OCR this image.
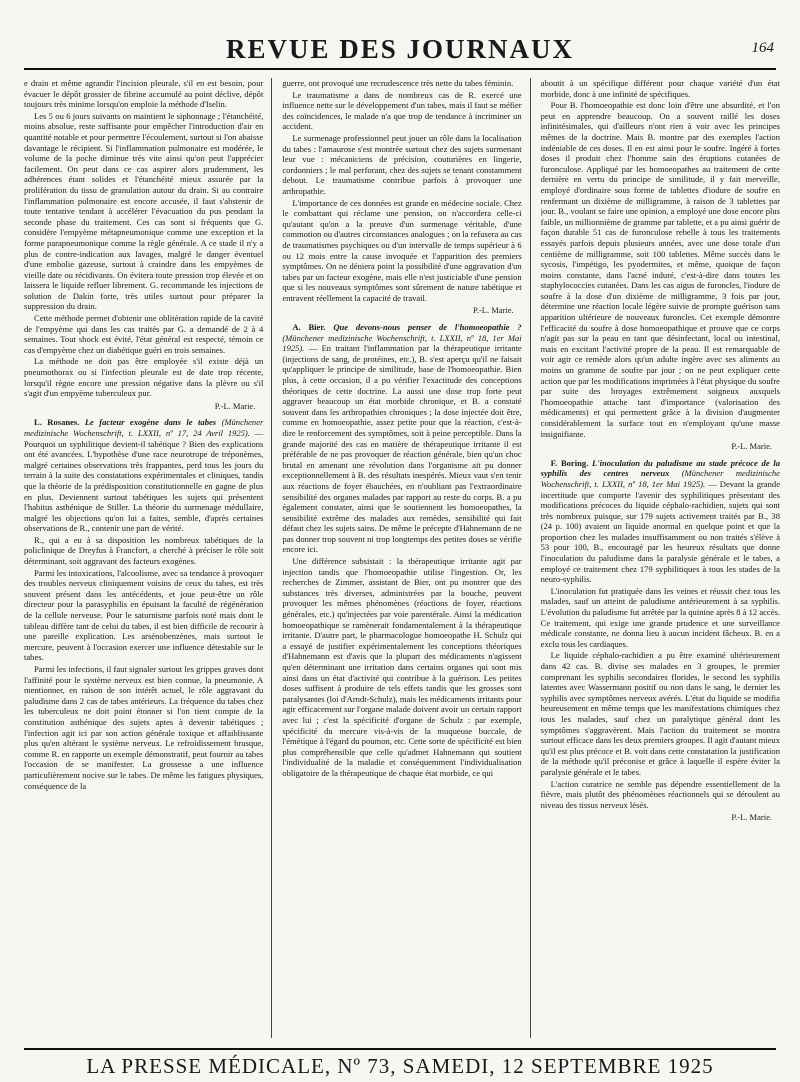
REVUE DES JOURNAUX	164

e drain et même agrandir l'incision pleurale, s'il en est besoin, pour évacuer le dépôt grossier de fibrine accumulé au point déclive, dépôt toujours très minime lorsqu'on emploie la méthode d'Iselin.

Les 5 ou 6 jours suivants on maintient le siphonnage ; l'étanchéité, moins absolue, reste suffisante pour empêcher l'introduction d'air en quantité notable et pour permettre l'écoulement, surtout si l'on abaisse davantage le récipient. Si l'inflammation pulmonaire est modérée, le volume de la poche diminue très vite ainsi qu'on peut l'apprécier facilement. On peut dans ce cas aspirer alors prudemment, les adhérences étant solides et l'étanchéité mieux assurée par la prolifération du tissu de granulation autour du drain. Si au contraire l'inflammation pulmonaire est encore accusée, il faut s'abstenir de toute tentative tendant à accélérer l'évacuation du pus pendant la seconde phase du traitement. Ces cas sont si fréquents que G. considère l'empyème métapneumonique comme une exception et la forme parapneumonique comme la règle générale. A ce stade il n'y a plus de contre-indication aux lavages, malgré le danger éventuel d'une embolie gazeuse, surtout à craindre dans les empyèmes de vieille date ou récidivants. On évitera toute pression trop élevée et on laissera le liquide refluer librement. G. recommande les injections de solution de Dakin forte, très utiles surtout pour préparer la suppression du drain.

Cette méthode permet d'obtenir une oblitération rapide de la cavité de l'empyème qui dans les cas traités par G. a demandé de 2 à 4 semaines. Tout shock est évité, l'état général est respecté, témoin ce cas d'empyème chez un diabétique guéri en trois semaines.

La méthode ne doit pas être employée s'il existe déjà un pneumothorax ou si l'infection pleurale est de date trop récente, lorsqu'il règne encore une pression négative dans la plèvre ou s'il s'agit d'un empyème tuberculeux pur.

P.-L. Marie.

L. Rosanes. Le facteur exogène dans le tabes (Münchener medizinische Wochenschrift, t. LXXII, nº 17, 24 Avril 1925). — Pourquoi un syphilitique devient-il tabétique ? Bien des explications ont été avancées. L'hypothèse d'une race neurotrope de tréponèmes, malgré certaines observations très frappantes, perd tous les jours du terrain à la suite des constatations expérimentales et cliniques, tandis que la théorie de la prédisposition constitutionnelle en gagne de plus en plus. Deviennent surtout tabétiques les sujets qui présentent l'habitus asthénique de Stiller. La théorie du surmenage médullaire, malgré les objections qu'on lui a faites, semble, d'après certaines observations de R., contenir une part de vérité.

R., qui a eu à sa disposition les nombreux tabétiques de la policlinique de Dreyfus à Francfort, a cherché à préciser le rôle soit déterminant, soit aggravant des facteurs exogènes.

Parmi les intoxications, l'alcoolisme, avec sa tendance à provoquer des troubles nerveux cliniquement voisins de ceux du tabes, est très souvent présent dans les antécédents, et joue peut-être un rôle directeur pour la parasyphilis en épuisant la faculté de régénération de la cellule nerveuse. Pour le saturnisme parfois noté mais dont le tableau diffère tant de celui du tabes, il est bien difficile de recourir à une pareille explication. Les arsénobenzènes, mais surtout le mercure, peuvent à l'occasion exercer une influence détestable sur le tabes.

Parmi les infections, il faut signaler surtout les grippes graves dont l'affinité pour le système nerveux est bien connue, la pneumonie. A mentionner, en raison de son intérêt actuel, le rôle aggravant du paludisme dans 2 cas de tabes antérieurs. La fréquence du tabes chez les tuberculeux ne doit point étonner si l'on tient compte de la constitution asthénique des sujets aptes à devenir tabétiques ; l'infection agit ici par son action générale toxique et affaiblissante plus qu'en altérant le système nerveux. Le refroidissement brusque, comme R. en rapporte un exemple démonstratif, peut fournir au tabes l'occasion de se manifester. La grossesse a une influence particulièrement nocive sur le tabes. De même les fatigues physiques, conséquence de la

guerre, ont provoqué une recrudescence très nette du tabes féminin.

Le traumatisme a dans de nombreux cas de R. exercé une influence nette sur le développement d'un tabes, mais il faut se méfier des coïncidences, le malade n'a que trop de tendance à incriminer un accident.

Le surmenage professionnel peut jouer un rôle dans la localisation du tabes : l'amaurose s'est montrée surtout chez des sujets surmenant leur vue : mécaniciens de précision, couturières en lingerie, cordonniers ; le mal perforant, chez des sujets se tenant constamment debout. Le traumatisme contribue parfois à provoquer une arthropathie.

L'importance de ces données est grande en médecine sociale. Chez le combattant qui réclame une pension, on n'accordera celle-ci qu'autant qu'on a la preuve d'un surmenage véritable, d'une commotion ou d'autres circonstances analogues ; on la refusera au cas de traumatismes psychiques ou d'un intervalle de temps supérieur à 6 ou 12 mois entre la cause invoquée et l'apparition des premiers symptômes. On ne déniera point la possibilité d'une aggravation d'un tabes par un facteur exogène, mais elle n'est justiciable d'une pension que si les nouveaux symptômes sont sûrement de nature tabétique et entravent réellement la capacité de travail.

P.-L. Marie.

A. Bier. Que devons-nous penser de l'homoeopathie ? (Münchener medizinische Wochenschrift, t. LXXII, nº 18, 1er Mai 1925). — En traitant l'inflammation par la thérapeutique irritante (injections de sang, de protéines, etc.), B. s'est aperçu qu'il ne faisait qu'appliquer le principe de similitude, base de l'homoeopathie. Bien plus, à cette occasion, il a pu vérifier l'exactitude des conceptions théoriques de cette doctrine. La aussi une dose trop forte peut aggraver beaucoup un état morbide chronique, et B. a constaté souvent dans les arthropathies chroniques ; la dose injectée doit être, comme en homoeopathie, assez petite pour que la réaction, c'est-à-dire le renforcement des symptômes, soit à peine perceptible. Dans la grande majorité des cas en matière de thérapeutique irritante il est préférable de ne pas provoquer de réaction générale, bien qu'un choc brutal en amenant une révolution dans l'organisme ait pu donner exceptionnellement à B. des résultats inespérés. Mieux vaut s'en tenir aux réactions de foyer ébauchées, en n'oubliant pas l'extraordinaire sensibilité des organes malades par rapport au reste du corps. B. a pu également constater, ainsi que le soutiennent les homoeopathes, la sensibilité extrême des malades aux remèdes, sensibilité qui fait défaut chez les sujets sains. De même le précepte d'Hahnemann de ne pas donner trop souvent ni trop longtemps des petites doses se vérifie encore ici.

Une différence subsistait : la thérapeutique irritante agit par injection tandis que l'homoeopathie utilise l'ingestion. Or, les recherches de Zimmer, assistant de Bier, ont pu montrer que des substances très diverses, administrées par la bouche, peuvent provoquer les mêmes phénomènes (réactions de foyer, réactions générales, etc.) qu'injectées par voie parentérale. Ainsi la médication homoeopathique se ramènerait fondamentalement à la thérapeutique irritante. D'autre part, le pharmacologue homoeopathe H. Schulz qui a essayé de justifier expérimentalement les conceptions théoriques d'Hahnemann est d'avis que la plupart des médicaments n'agissent qu'en déterminant une irritation dans certains organes qui sont mis ainsi dans un état d'activité qui contribue à la guérison. Les petites doses suffisent à produire de tels effets tandis que les grosses sont paralysantes (loi d'Arndt-Schulz), mais les médicaments irritants pour agir efficacement sur l'organe malade doivent avoir un certain rapport avec lui ; c'est la spécificité d'organe de Schulz : par exemple, spécificité du mercure vis-à-vis de la muqueuse buccale, de l'émétique à l'égard du poumon, etc. Cette sorte de spécificité est bien plus compréhensible que celle qu'admet Hahnemann qui soutient l'individualité de la maladie et conséquemment l'individualisation obligatoire de la thérapeutique de chaque état morbide, ce qui

aboutit à un spécifique différent pour chaque variété d'un état morbide, donc à une infinité de spécifiques.

Pour B. l'homoeopathie est donc loin d'être une absurdité, et l'on peut en apprendre beaucoup. On a souvent raillé les doses infinitésimales, qui d'ailleurs n'ont rien à voir avec les principes mêmes de la doctrine. Mais B. montre par des exemples l'action indéniable de ces doses. Il en est ainsi pour le soufre. Ingéré à fortes doses il produit chez l'homme sain des éruptions cutanées de furonculose. Appliqué par les homoeopathes au traitement de cette dernière en vertu du principe de similitude, il y fait merveille, employé d'ordinaire sous forme de tablettes d'iodure de soufre en renfermant un dixième de milligramme, à raison de 3 tablettes par jour. B., voulant se faire une opinion, a employé une dose encore plus faible, un millionnième de gramme par tablette, et a pu ainsi guérir de façon durable 51 cas de furonculose rebelle à tous les traitements essayés parfois depuis plusieurs années, avec une dose totale d'un centième de milligramme, soit 100 tablettes. Même succès dans le sycosis, l'impétigo, les pyodermites, et même, quoique de façon moins constante, dans l'acné induré, c'est-à-dire dans toutes les staphylococcies cutanées. Dans les cas aigus de furoncles, l'iodure de soufre à la dose d'un dixième de milligramme, 3 fois par jour, détermine une réaction locale légère suivie de prompte guérison sans apparition ultérieure de nouveaux furoncles. Cet exemple démontre l'efficacité du soufre à dose homoeopathique et prouve que ce corps n'agit pas sur la peau en tant que désinfectant, local ou intestinal, mais en excitant l'activité propre de la peau. Il est remarquable de voir agir ce remède alors qu'un adulte ingère avec ses aliments au moins un gramme de soufre par jour ; on ne peut expliquer cette action que par les modifications imprimées à l'état physique du soufre par suite des broyages extrêmement soigneux auxquels l'homoeopathie attache tant d'importance (valorisation des médicaments) et qui permettent grâce à la division d'augmenter considérablement la surface tout en n'employant qu'une masse insignifiante.

P.-L. Marie.

F. Boring. L'inoculation du paludisme au stade précoce de la syphilis des centres nerveux (Münchener medizinische Wochenschrift, t. LXXII, nº 18, 1er Mai 1925). — Devant la grande incertitude que comporte l'avenir des syphilitiques présentant des modifications précoces du liquide céphalo-rachidien, sujets qui sont très nombreux puisque, sur 179 sujets activement traités par B., 38 (24 p. 100) avaient un liquide anormal en quelque point et que la proportion chez les malades insuffisamment ou non traités s'élève à 53 pour 100, B., encouragé par les heureux résultats que donne l'inoculation du paludisme dans la paralysie générale et le tabes, a employé ce traitement chez 179 syphilitiques à tous les stades de la neuro-syphilis.

L'inoculation fut pratiquée dans les veines et réussit chez tous les malades, sauf un atteint de paludisme antérieurement à sa syphilis. L'évolution du paludisme fut arrêtée par la quinine après 8 à 12 accès. Ce traitement, qui exige une grande prudence et une surveillance médicale constante, ne donna lieu à aucun incident fâcheux. B. en a exclu tous les cardiaques.

Le liquide céphalo-rachidien a pu être examiné ultérieurement dans 42 cas. B. divise ses malades en 3 groupes, le premier comprenant les syphilis secondaires florides, le second les syphilis latentes avec Wassermann positif ou non dans le sang, le dernier les syphilis avec symptômes nerveux avérés. L'état du liquide se modifia heureusement en même temps que les manifestations chimiques chez tous les malades, sauf chez un paralytique général dont les symptômes s'aggravèrent. Mais l'action du traitement se montra surtout efficace dans les deux premiers groupes. Il agit d'autant mieux qu'il est plus précoce et B. voit dans cette constatation la justification de la méthode qu'il préconise et grâce à laquelle il espère éviter la paralysie générale et le tabes.

L'action curatrice ne semble pas dépendre essentiellement de la fièvre, mais plutôt des phénomènes réactionnels qui se déroulent au niveau des tissus nerveux lésés.

P.-L. Marie.
LA PRESSE MÉDICALE, Nº 73, SAMEDI, 12 SEPTEMBRE 1925
